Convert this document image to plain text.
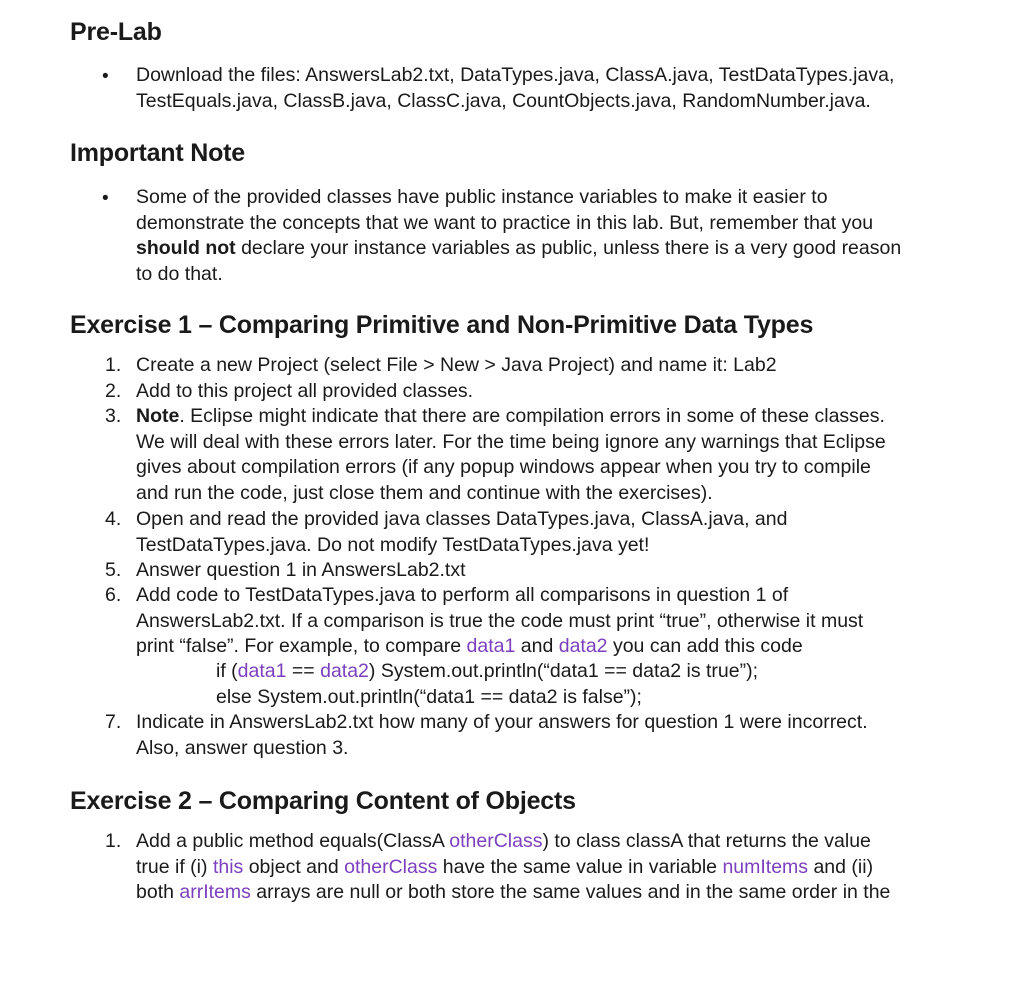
Pre-Lab
• Download the files: AnswersLab2.txt, DataTypes.java, ClassA.java, TestDataTypes.java,
TestEquals.java, ClassB.java, ClassC.java, CountObjects.java, RandomNumber.java.
Important Note
• Some of the provided classes have public instance variables to make it easier to
demonstrate the concepts that we want to practice in this lab. But, remember that you
should not declare your instance variables as public, unless there is a very good reason
to do that.
Exercise 1 – Comparing Primitive and Non-Primitive Data Types
1. Create a new Project (select File > New > Java Project) and name it: Lab2
2. Add to this project all provided classes.
3. Note. Eclipse might indicate that there are compilation errors in some of these classes.
We will deal with these errors later. For the time being ignore any warnings that Eclipse
gives about compilation errors (if any popup windows appear when you try to compile
and run the code, just close them and continue with the exercises).
4. Open and read the provided java classes DataTypes.java, ClassA.java, and
TestDataTypes.java. Do not modify TestDataTypes.java yet!
5. Answer question 1 in AnswersLab2.txt
6. Add code to TestDataTypes.java to perform all comparisons in question 1 of
AnswersLab2.txt. If a comparison is true the code must print “true”, otherwise it must
print “false”. For example, to compare data1 and data2 you can add this code
if (data1 == data2) System.out.println(“data1 == data2 is true”);
else System.out.println(“data1 == data2 is false”);
7. Indicate in AnswersLab2.txt how many of your answers for question 1 were incorrect.
Also, answer question 3.
Exercise 2 – Comparing Content of Objects
1. Add a public method equals(ClassA otherClass) to class classA that returns the value
true if (i) this object and otherClass have the same value in variable numItems and (ii)
both arrItems arrays are null or both store the same values and in the same order in the
